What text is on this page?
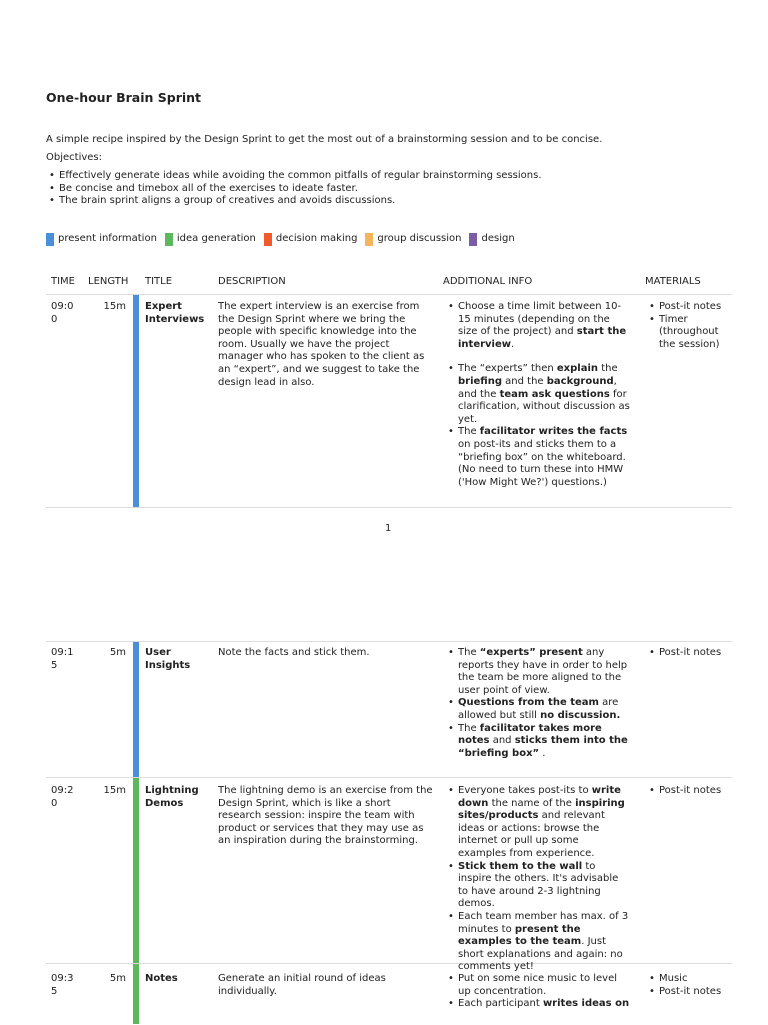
One-hour Brain Sprint
A simple recipe inspired by the Design Sprint to get the most out of a brainstorming session and to be concise.
Objectives:
• Effectively generate ideas while avoiding the common pitfalls of regular brainstorming sessions.
• Be concise and timebox all of the exercises to ideate faster.
• The brain sprint aligns a group of creatives and avoids discussions.
present information idea generation decision making group discussion design
TIME LENGTH TITLE	DESCRIPTION	ADDITIONAL INFO	MATERIALS
1
09:0
0
15m Expert
Interviews
The expert interview is an exercise from the Design Sprint where we bring the people with specific knowledge into the room. Usually we have the project manager who has spoken to the client as an “expert”, and we suggest to take the design lead in also.
• Choose a time limit between 10-15 minutes (depending on the size of the project) and start the interview.
• The “experts” then explain the briefing and the background, and the team ask questions for clarification, without discussion as yet.
• The facilitator writes the facts on post-its and sticks them to a “briefing box” on the whiteboard. (No need to turn these into HMW ('How Might We?') questions.)
• Post-it notes
• Timer (throughout the session)
09:1
5
5m User Insights
Note the facts and stick them.
•	The “experts” present any reports they have in order to help the team be more aligned to the user point of view.
• Questions from the team are allowed but still no discussion.
• The facilitator takes more notes and sticks them into the “briefing box” .
• Post-it notes
09:2
0
15m Lightning
Demos
The lightning demo is an exercise from the Design Sprint, which is like a short research session: inspire the team with product or services that they may use as an inspiration during the brainstorming.
• Everyone takes post-its to write down the name of the inspiring sites/products and relevant ideas or actions: browse the internet or pull up some examples from experience.
• Stick them to the wall to inspire the others. It's advisable to have around 2-3 lightning demos.
• Each team member has max. of 3 minutes to present the examples to the team. Just short explanations and again: no comments yet!
• Post-it notes
09:3
5
5m Notes	Generate an initial round of ideas individually.
• Put on some nice music to level up concentration.
• Each participant writes ideas on
• Music
• Post-it notes
